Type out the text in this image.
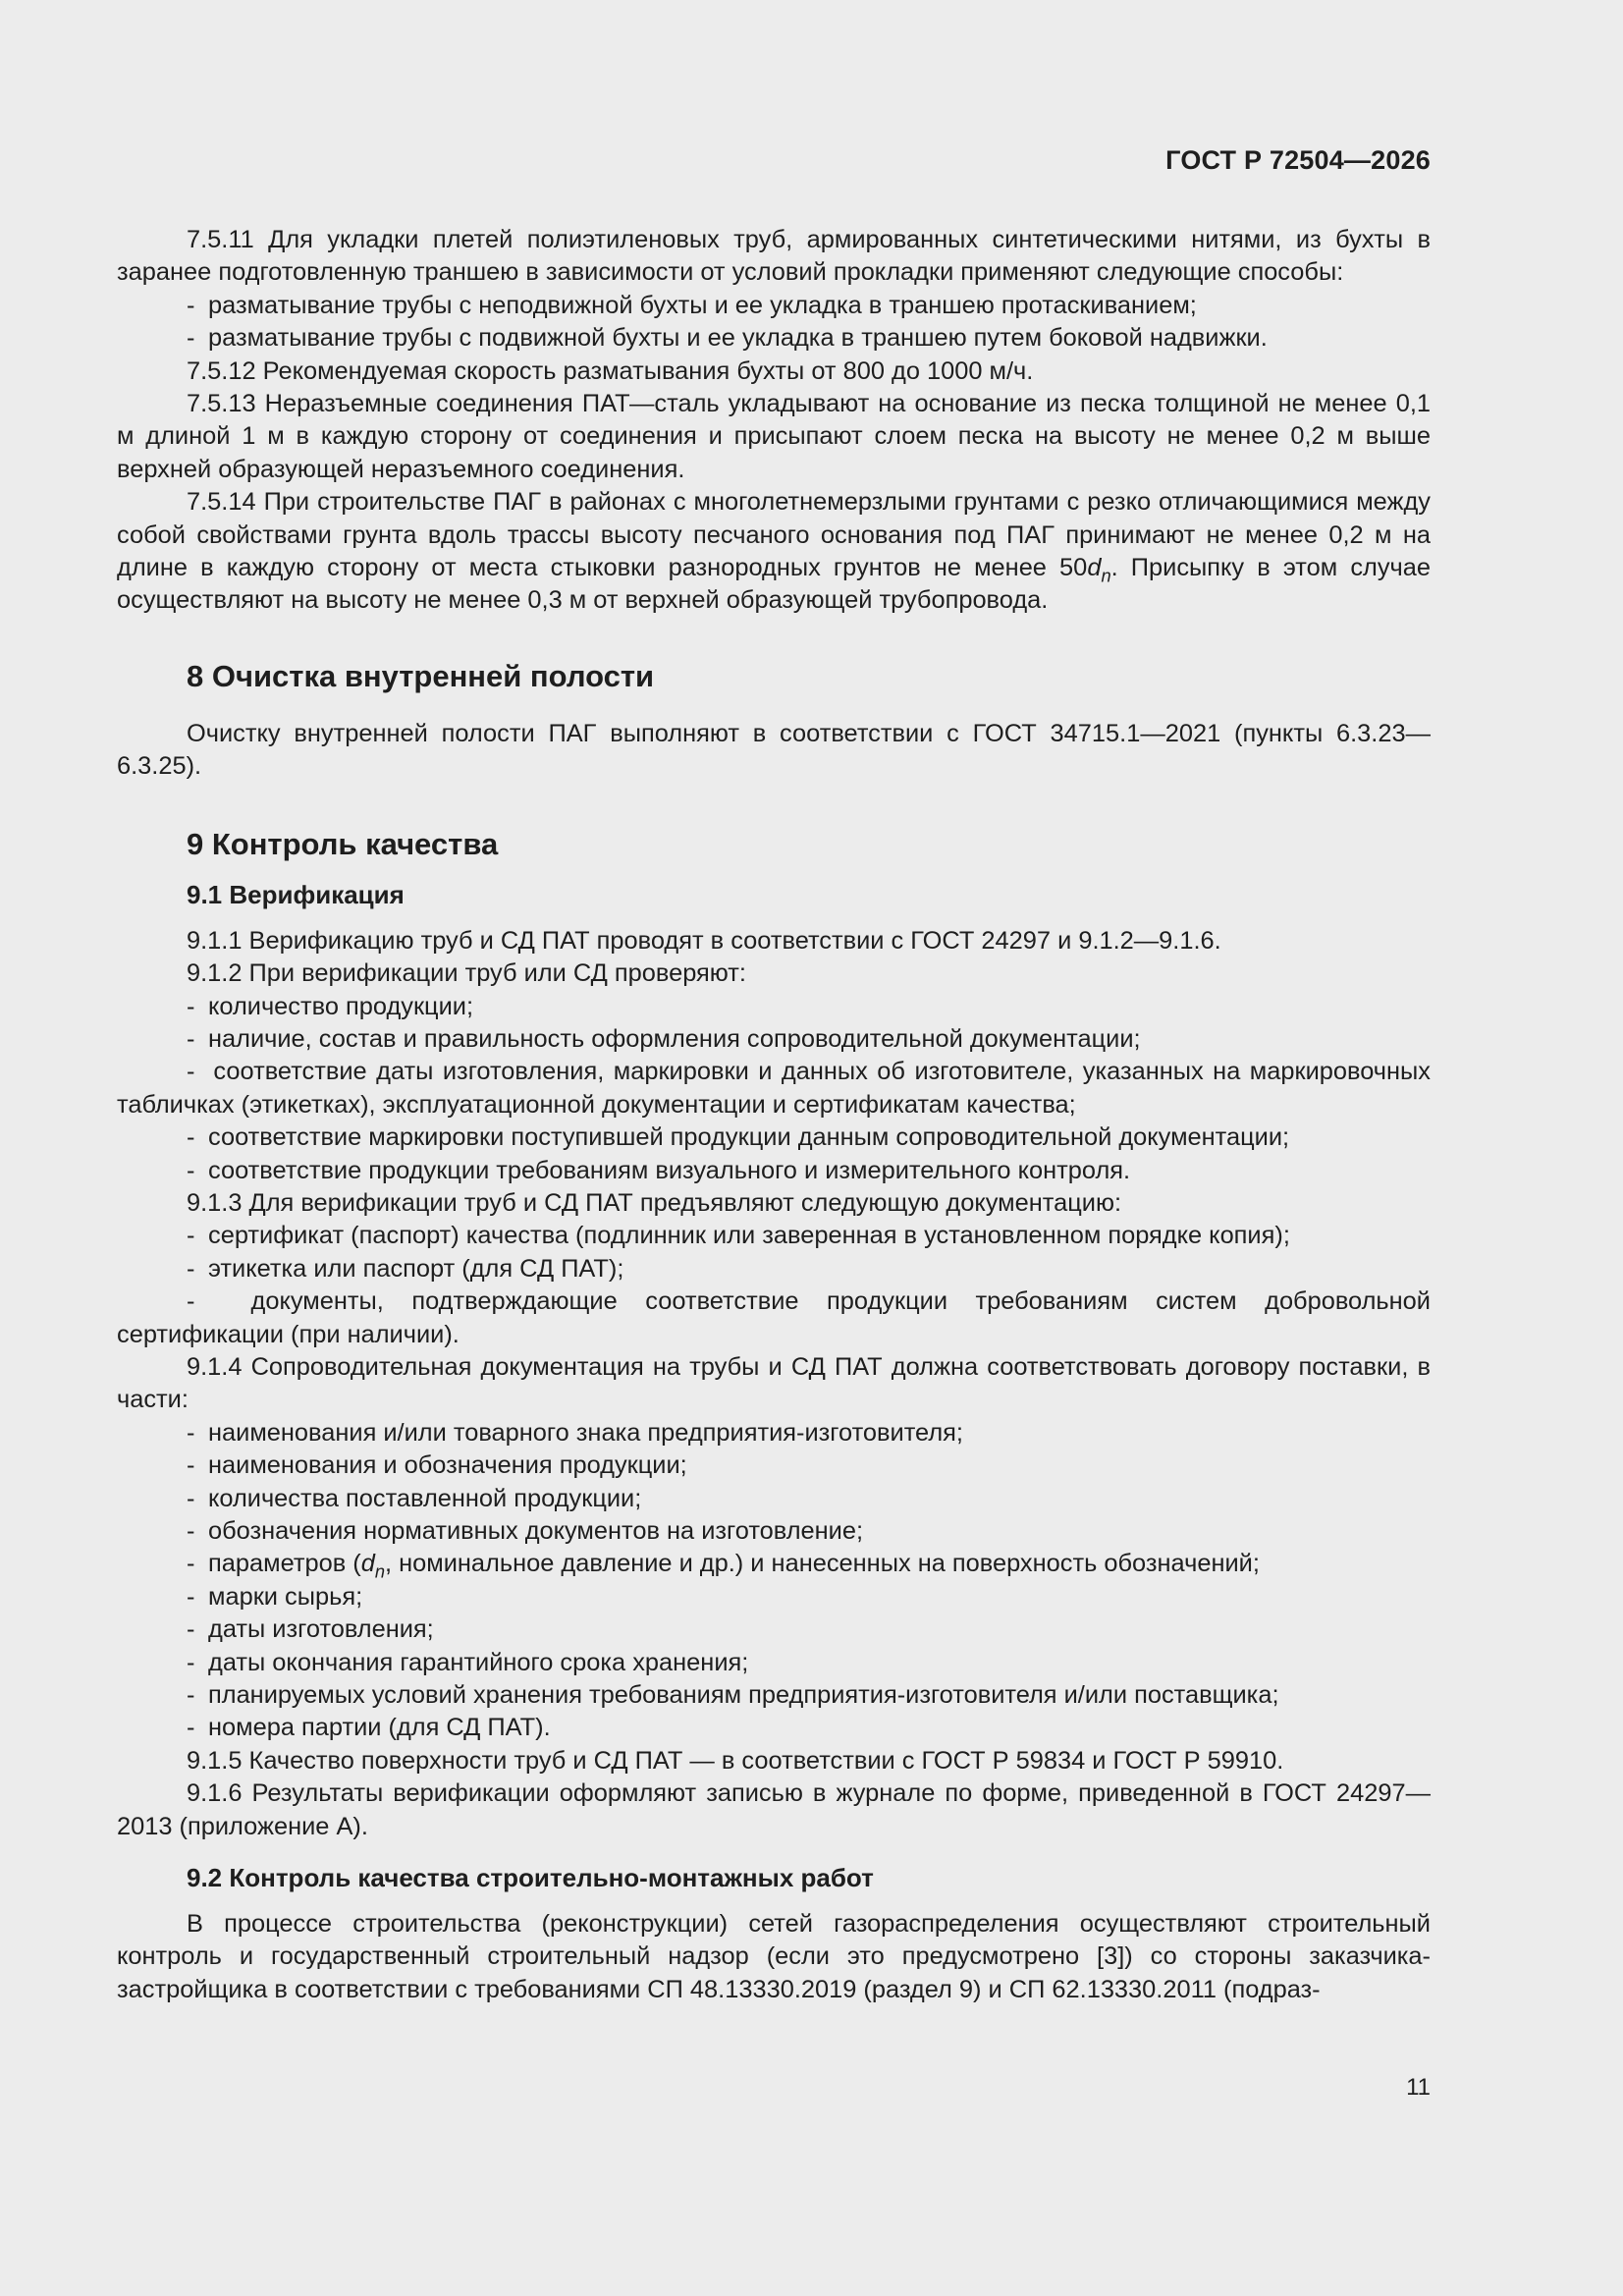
ГОСТ Р 72504—2026

7.5.11 Для укладки плетей полиэтиленовых труб, армированных синтетическими нитями, из бухты в заранее подготовленную траншею в зависимости от условий прокладки применяют следующие способы:

- разматывание трубы с неподвижной бухты и ее укладка в траншею протаскиванием;
- разматывание трубы с подвижной бухты и ее укладка в траншею путем боковой надвижки.

7.5.12 Рекомендуемая скорость разматывания бухты от 800 до 1000 м/ч.

7.5.13 Неразъемные соединения ПАТ—сталь укладывают на основание из песка толщиной не менее 0,1 м длиной 1 м в каждую сторону от соединения и присыпают слоем песка на высоту не менее 0,2 м выше верхней образующей неразъемного соединения.

7.5.14 При строительстве ПАГ в районах с многолетнемерзлыми грунтами с резко отличающимися между собой свойствами грунта вдоль трассы высоту песчаного основания под ПАГ принимают не менее 0,2 м на длине в каждую сторону от места стыковки разнородных грунтов не менее $50d_n$. Присыпку в этом случае осуществляют на высоту не менее 0,3 м от верхней образующей трубопровода.

8 Очистка внутренней полости

Очистку внутренней полости ПАГ выполняют в соответствии с ГОСТ 34715.1—2021 (пункты 6.3.23—6.3.25).

9 Контроль качества
9.1 Верификация

9.1.1 Верификацию труб и СД ПАТ проводят в соответствии с ГОСТ 24297 и 9.1.2—9.1.6.

9.1.2 При верификации труб или СД проверяют:

- количество продукции;
- наличие, состав и правильность оформления сопроводительной документации;

-  соответствие даты изготовления, маркировки и данных об изготовителе, указанных на маркировочных табличках (этикетках), эксплуатационной документации и сертификатам качества;

- соответствие маркировки поступившей продукции данным сопроводительной документации;
- соответствие продукции требованиям визуального и измерительного контроля.

9.1.3 Для верификации труб и СД ПАТ предъявляют следующую документацию:

- сертификат (паспорт) качества (подлинник или заверенная в установленном порядке копия);
- этикетка или паспорт (для СД ПАТ);

-  документы, подтверждающие соответствие продукции требованиям систем добровольной сертификации (при наличии).

9.1.4 Сопроводительная документация на трубы и СД ПАТ должна соответствовать договору поставки, в части:

- наименования и/или товарного знака предприятия-изготовителя;
- наименования и обозначения продукции;
- количества поставленной продукции;
- обозначения нормативных документов на изготовление;
- параметров ($d_n$, номинальное давление и др.) и нанесенных на поверхность обозначений;
- марки сырья;
- даты изготовления;
- даты окончания гарантийного срока хранения;
- планируемых условий хранения требованиям предприятия-изготовителя и/или поставщика;
- номера партии (для СД ПАТ).

9.1.5 Качество поверхности труб и СД ПАТ — в соответствии с ГОСТ Р 59834 и ГОСТ Р 59910.

9.1.6 Результаты верификации оформляют записью в журнале по форме, приведенной в ГОСТ 24297—2013 (приложение А).

9.2 Контроль качества строительно-монтажных работ

В процессе строительства (реконструкции) сетей газораспределения осуществляют строительный контроль и государственный строительный надзор (если это предусмотрено [3]) со стороны заказчика-застройщика в соответствии с требованиями СП 48.13330.2019 (раздел 9) и СП 62.13330.2011 (подраз-

11
